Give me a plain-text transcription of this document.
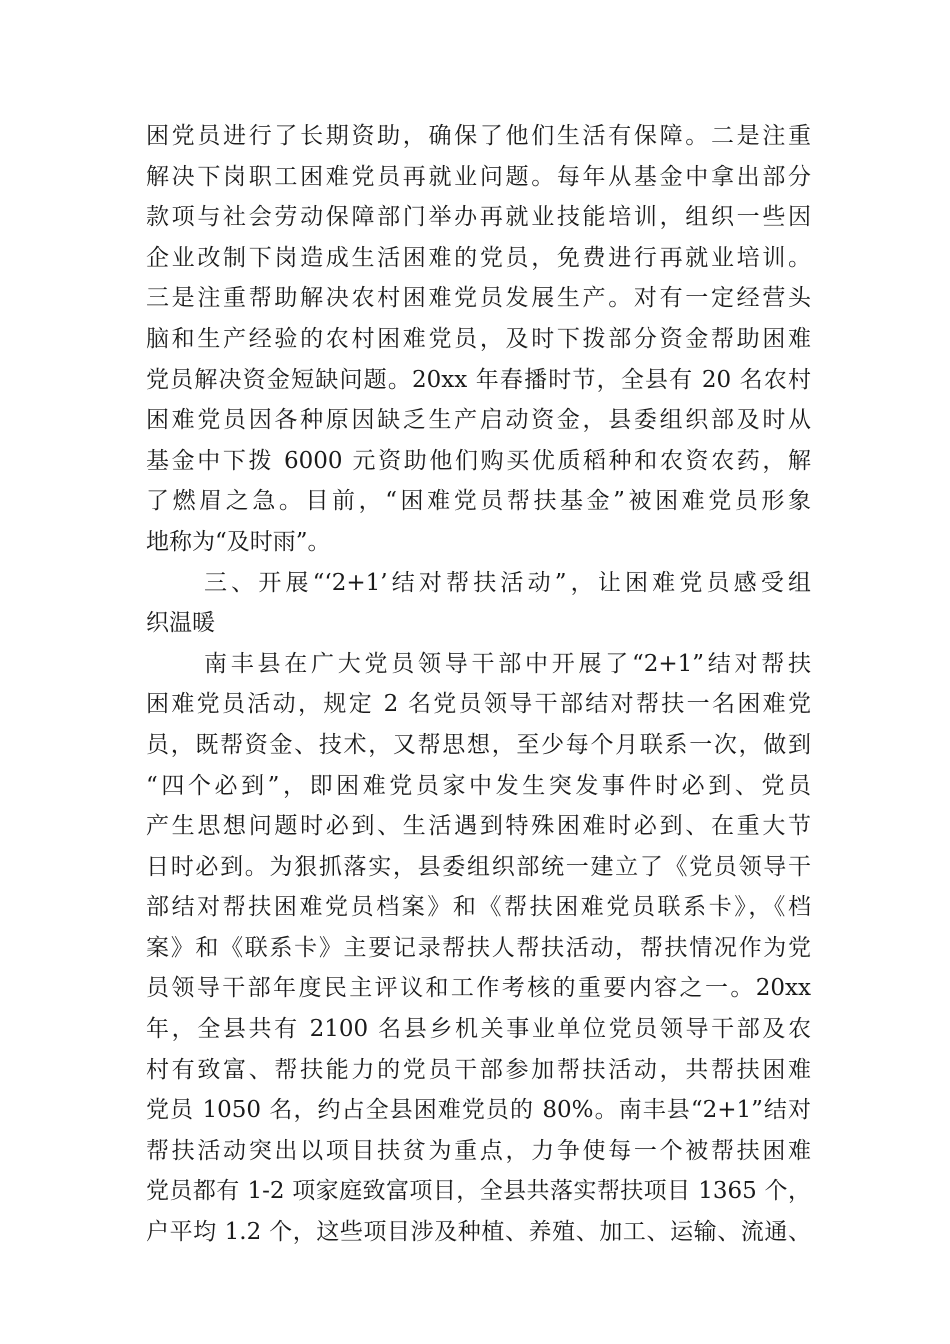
困党员进行了长期资助，确保了他们生活有保障。二是注重
解决下岗职工困难党员再就业问题。每年从基金中拿出部分
款项与社会劳动保障部门举办再就业技能培训，组织一些因
企业改制下岗造成生活困难的党员，免费进行再就业培训。
三是注重帮助解决农村困难党员发展生产。对有一定经营头
脑和生产经验的农村困难党员，及时下拨部分资金帮助困难
党员解决资金短缺问题。20xx 年春播时节，全县有 20 名农村
困难党员因各种原因缺乏生产启动资金，县委组织部及时从
基金中下拨 6000 元资助他们购买优质稻种和农资农药，解
了燃眉之急。目前，“困难党员帮扶基金”被困难党员形象
地称为“及时雨”。
三、开展“‘2+1’结对帮扶活动”，让困难党员感受组
织温暖
南丰县在广大党员领导干部中开展了“2+1”结对帮扶
困难党员活动，规定 2 名党员领导干部结对帮扶一名困难党
员，既帮资金、技术，又帮思想，至少每个月联系一次，做到
“四个必到”，即困难党员家中发生突发事件时必到、党员
产生思想问题时必到、生活遇到特殊困难时必到、在重大节
日时必到。为狠抓落实，县委组织部统一建立了《党员领导干
部结对帮扶困难党员档案》和《帮扶困难党员联系卡》，《档
案》和《联系卡》主要记录帮扶人帮扶活动，帮扶情况作为党
员领导干部年度民主评议和工作考核的重要内容之一。20xx
年，全县共有 2100 名县乡机关事业单位党员领导干部及农
村有致富、帮扶能力的党员干部参加帮扶活动，共帮扶困难
党员 1050 名，约占全县困难党员的 80%。南丰县“2+1”结对
帮扶活动突出以项目扶贫为重点，力争使每一个被帮扶困难
党员都有 1-2 项家庭致富项目，全县共落实帮扶项目 1365 个，
户平均 1.2 个，这些项目涉及种植、养殖、加工、运输、流通、
